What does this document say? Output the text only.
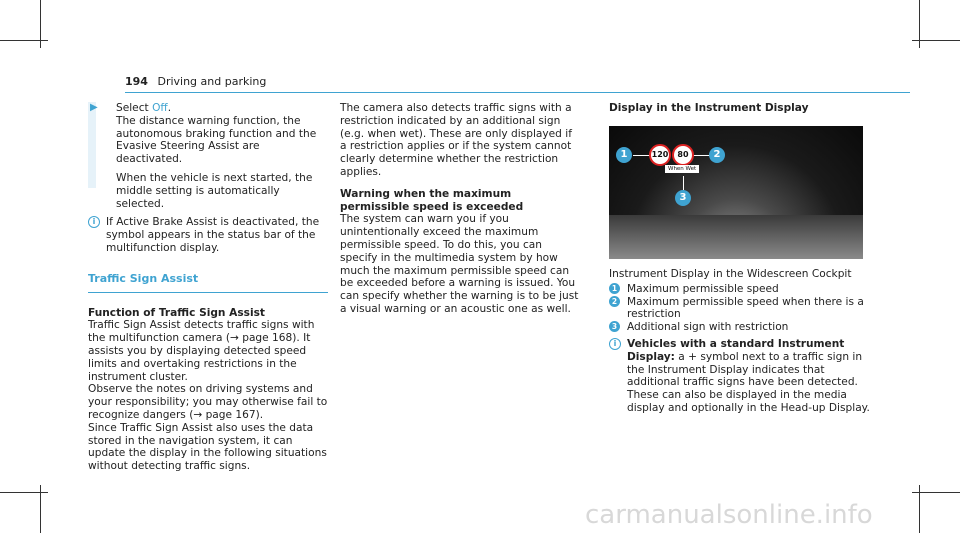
194 Driving and parking
▶	Select Off.

The distance warning function, the autonomous braking function and the Evasive Steering Assist are deactivated.

When the vehicle is next started, the middle setting is automatically selected.

i	If Active Brake Assist is deactivated, the symbol appears in the status bar of the multifunction display.

Traffic Sign Assist

Function of Traffic Sign Assist

Traffic Sign Assist detects traffic signs with the multifunction camera (→ page 168). It assists you by displaying detected speed limits and overtaking restrictions in the instrument cluster.

Observe the notes on driving systems and your responsibility; you may otherwise fail to recognize dangers (→ page 167).

Since Traffic Sign Assist also uses the data stored in the navigation system, it can update the display in the following situations without detecting traffic signs.

The camera also detects traffic signs with a restriction indicated by an additional sign (e.g. when wet). These are only displayed if a restriction applies or if the system cannot clearly determine whether the restriction applies.

Warning when the maximum permissible speed is exceeded

The system can warn you if you unintentionally exceed the maximum permissible speed. To do this, you can specify in the multimedia system by how much the maximum permissible speed can be exceeded before a warning is issued. You can specify whether the warning is to be just a visual warning or an acoustic one as well.

Display in the Instrument Display

1	120	80
When Wet
2
3

Instrument Display in the Widescreen Cockpit

1 Maximum permissible speed

2 Maximum permissible speed when there is a restriction

3 Additional sign with restriction

i	Vehicles with a standard Instrument Display: a + symbol next to a traffic sign in the Instrument Display indicates that additional traffic signs have been detected. These can also be displayed in the media display and optionally in the Head-up Display.

carmanualsonline.info
